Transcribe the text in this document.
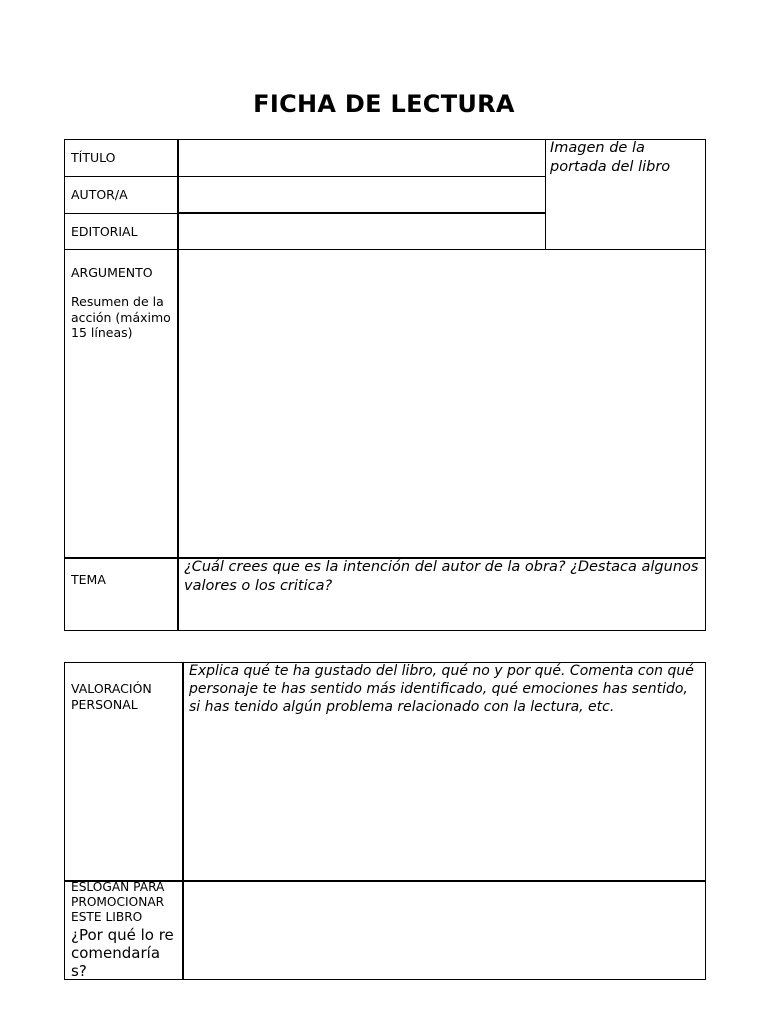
FICHA DE LECTURA
TÍTULO
AUTOR/A
EDITORIAL
Imagen de la portada del libro
ARGUMENTO
Resumen de la acción (máximo 15 líneas)
TEMA
¿Cuál crees que es la intención del autor de la obra? ¿Destaca algunos valores o los critica?
VALORACIÓN PERSONAL
Explica qué te ha gustado del libro, qué no y por qué. Comenta con qué personaje te has sentido más identificado, qué emociones has sentido, si has tenido algún problema relacionado con la lectura, etc.
ESLOGAN PARA PROMOCIONAR ESTE LIBRO
¿Por qué lo recomendarías?
